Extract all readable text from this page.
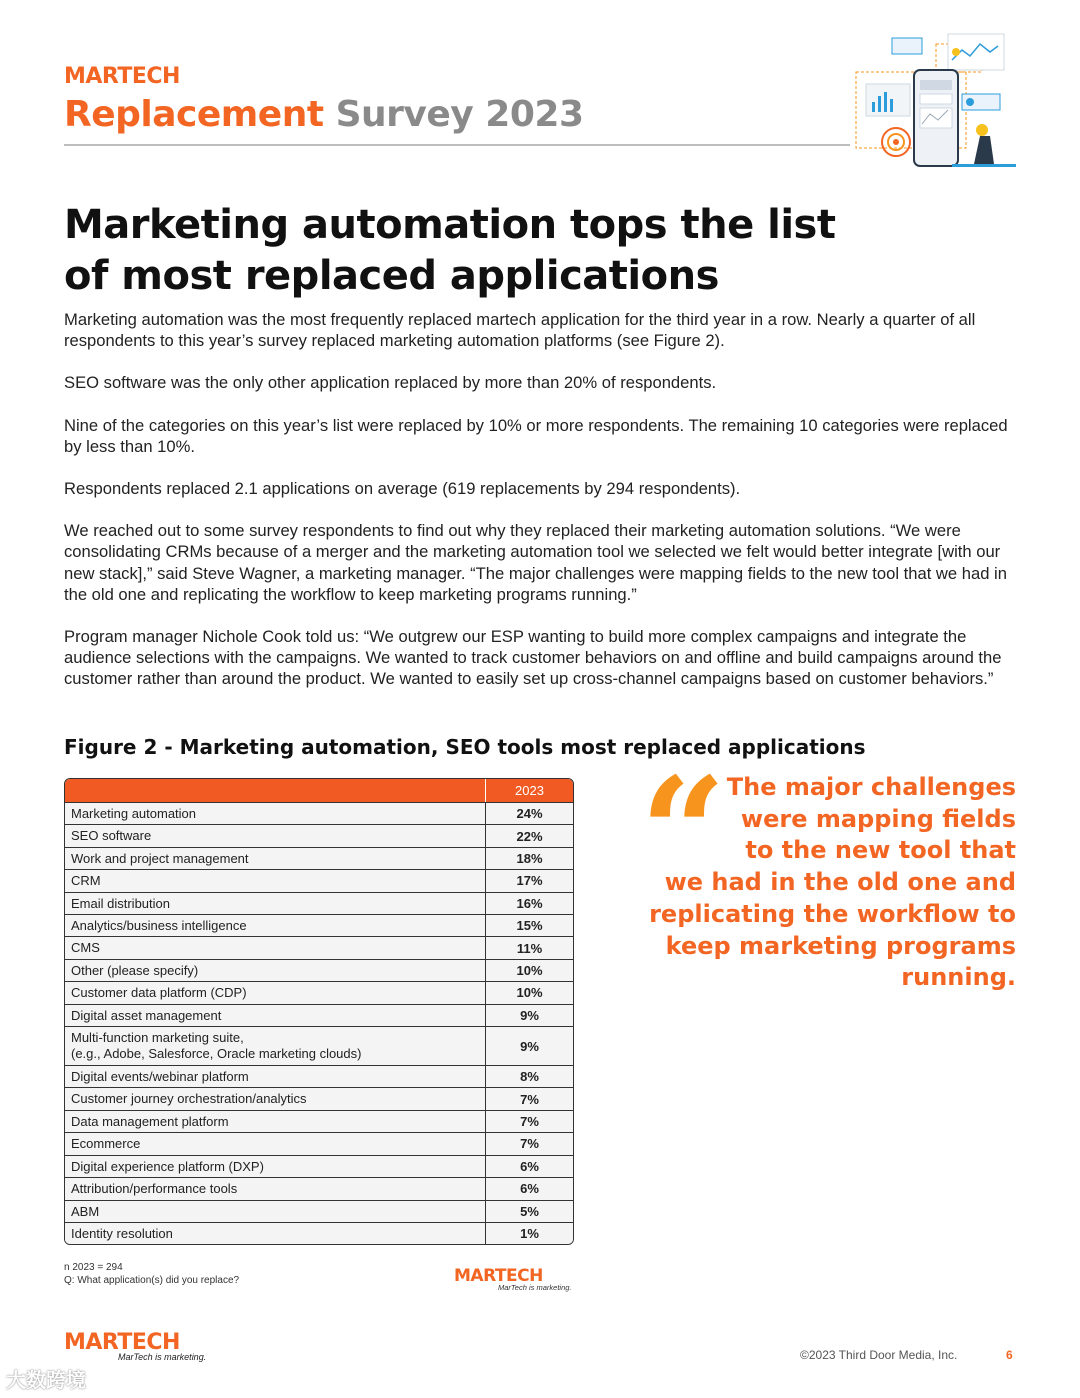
MARTECH
Replacement Survey 2023
Marketing automation tops the list
of most replaced applications

Marketing automation was the most frequently replaced martech application for the third year in a row. Nearly a quarter of all respondents to this year’s survey replaced marketing automation platforms (see Figure 2).

SEO software was the only other application replaced by more than 20% of respondents.

Nine of the categories on this year’s list were replaced by 10% or more respondents. The remaining 10 categories were replaced by less than 10%.

Respondents replaced 2.1 applications on average (619 replacements by 294 respondents).

We reached out to some survey respondents to find out why they replaced their marketing automation solutions. “We were consolidating CRMs because of a merger and the marketing automation tool we selected we felt would better integrate [with our new stack],” said Steve Wagner, a marketing manager. “The major challenges were mapping fields to the new tool that we had in the old one and replicating the workflow to keep marketing programs running.”

Program manager Nichole Cook told us: “We outgrew our ESP wanting to build more complex campaigns and integrate the audience selections with the campaigns. We wanted to track customer behaviors on and offline and build campaigns around the customer rather than around the product. We wanted to easily set up cross-channel campaigns based on customer behaviors.”

Figure 2 - Marketing automation, SEO tools most replaced applications
2023
Marketing automation	24%
SEO software	22%
Work and project management	18%
CRM	17%
Email distribution	16%
Analytics/business intelligence	15%
CMS	11%
Other (please specify)	10%
Customer data platform (CDP)	10%
Digital asset management	9%
Multi-function marketing suite,
(e.g., Adobe, Salesforce, Oracle marketing clouds)	9%
Digital events/webinar platform	8%
Customer journey orchestration/analytics	7%
Data management platform	7%
Ecommerce	7%
Digital experience platform (DXP)	6%
Attribution/performance tools	6%
ABM	5%
Identity resolution	1%
n 2023 = 294
Q: What application(s) did you replace?	MARTECH
MarTech is marketing.
“ The major challenges
were mapping fields
to the new tool that
we had in the old one and
replicating the workflow to
keep marketing programs
running.
MARTECH
MarTech is marketing.	©2023 Third Door Media, Inc.	6
大数跨境
